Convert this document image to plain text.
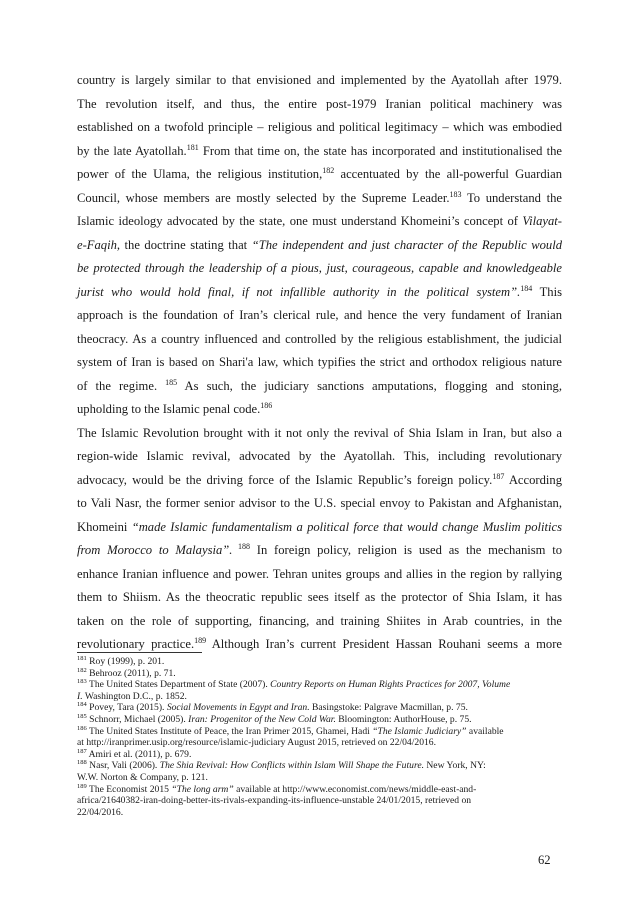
country is largely similar to that envisioned and implemented by the Ayatollah after 1979.

The revolution itself, and thus, the entire post-1979 Iranian political machinery was

established on a twofold principle – religious and political legitimacy – which was embodied

by the late Ayatollah.$^{181}$ From that time on, the state has incorporated and institutionalised the

power of the Ulama, the religious institution,$^{182}$ accentuated by the all-powerful Guardian

Council, whose members are mostly selected by the Supreme Leader.$^{183}$ To understand the

Islamic ideology advocated by the state, one must understand Khomeini’s concept of Vilayat-

e-Faqih, the doctrine stating that “The independent and just character of the Republic would

be protected through the leadership of a pious, just, courageous, capable and knowledgeable

jurist who would hold final, if not infallible authority in the political system”.$^{184}$ This

approach is the foundation of Iran’s clerical rule, and hence the very fundament of Iranian

theocracy. As a country influenced and controlled by the religious establishment, the judicial

system of Iran is based on Shari'a law, which typifies the strict and orthodox religious nature

of the regime. $^{185}$ As such, the judiciary sanctions amputations, flogging and stoning,

upholding to the Islamic penal code.$^{186}$

The Islamic Revolution brought with it not only the revival of Shia Islam in Iran, but also a

region-wide Islamic revival, advocated by the Ayatollah. This, including revolutionary

advocacy, would be the driving force of the Islamic Republic’s foreign policy.$^{187}$ According

to Vali Nasr, the former senior advisor to the U.S. special envoy to Pakistan and Afghanistan,

Khomeini “made Islamic fundamentalism a political force that would change Muslim politics

from Morocco to Malaysia”. $^{188}$ In foreign policy, religion is used as the mechanism to

enhance Iranian influence and power. Tehran unites groups and allies in the region by rallying

them to Shiism. As the theocratic republic sees itself as the protector of Shia Islam, it has

taken on the role of supporting, financing, and training Shiites in Arab countries, in the

revolutionary practice.$^{189}$ Although Iran’s current President Hassan Rouhani seems a more

$^{181}$ Roy (1999), p. 201.

$^{182}$ Behrooz (2011), p. 71.

$^{183}$ The United States Department of State (2007). Country Reports on Human Rights Practices for 2007, Volume

I. Washington D.C., p. 1852.

$^{184}$ Povey, Tara (2015). Social Movements in Egypt and Iran. Basingstoke: Palgrave Macmillan, p. 75.

$^{185}$ Schnorr, Michael (2005). Iran: Progenitor of the New Cold War. Bloomington: AuthorHouse, p. 75.

$^{186}$ The United States Institute of Peace, the Iran Primer 2015, Ghamei, Hadi “The Islamic Judiciary” available

at http://iranprimer.usip.org/resource/islamic-judiciary August 2015, retrieved on 22/04/2016.

$^{187}$ Amiri et al. (2011), p. 679.

$^{188}$ Nasr, Vali (2006). The Shia Revival: How Conflicts within Islam Will Shape the Future. New York, NY:

W.W. Norton & Company, p. 121.

$^{189}$ The Economist 2015 “The long arm” available at http://www.economist.com/news/middle-east-and-

africa/21640382-iran-doing-better-its-rivals-expanding-its-influence-unstable 24/01/2015, retrieved on

22/04/2016.

62
